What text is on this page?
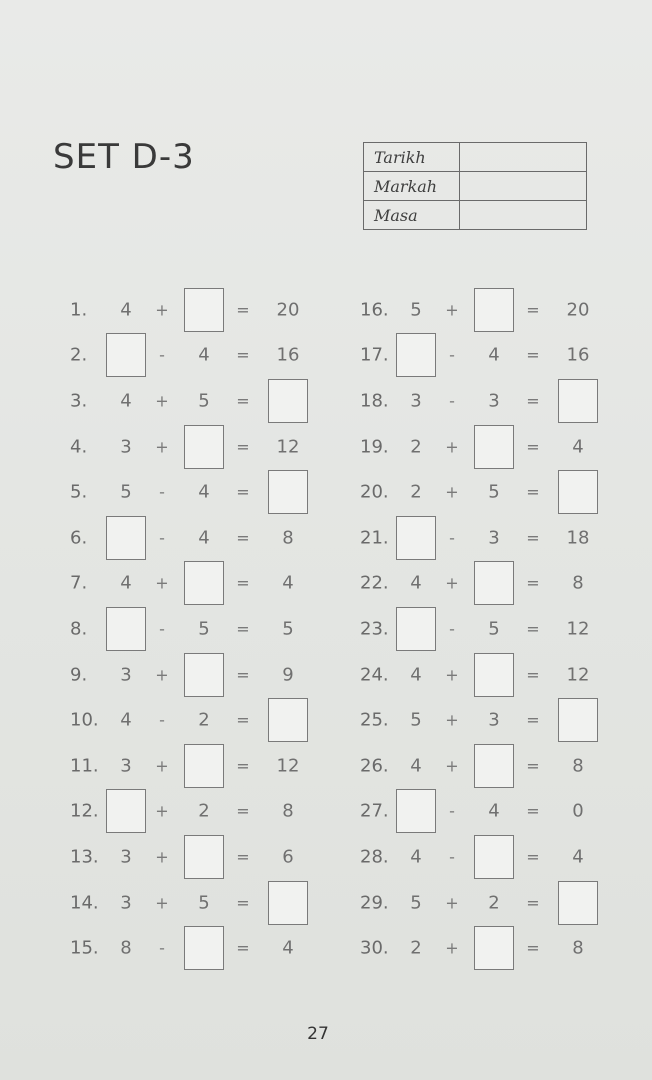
SET D-3	Tarikh	
Markah	
Masa	
1. 4 +	= 20
2.	- 4 = 16
3. 4 + 5 =
4. 3 +	= 12
5. 5 - 4 =
6.	- 4 = 8
7. 4 +	= 4
8.	- 5 = 5
9. 3 +	= 9
10. 4 - 2 =
11. 3 +	= 12
12.	+ 2 = 8
13. 3 +	= 6
14. 3 + 5 =
15. 8 -	= 4
16. 5 +	= 20
17.	- 4 = 16
18. 3 - 3 =
19. 2 +	= 4
20. 2 + 5 =
21.	- 3 = 18
22. 4 +	= 8
23.	- 5 = 12
24. 4 +	= 12
25. 5 + 3 =
26. 4 +	= 8
27.	- 4 = 0
28. 4 -	= 4
29. 5 + 2 =
30. 2 +	= 8
27
